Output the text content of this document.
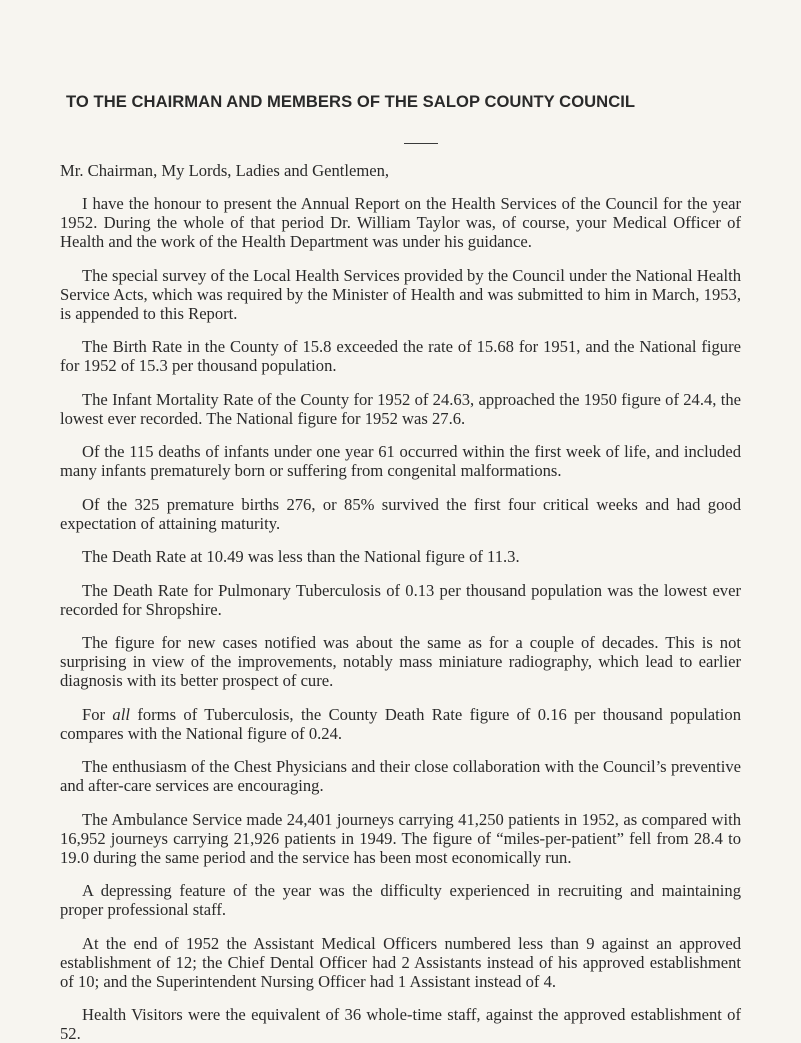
TO THE CHAIRMAN AND MEMBERS OF THE SALOP COUNTY COUNCIL

Mr. Chairman, My Lords, Ladies and Gentlemen,

I have the honour to present the Annual Report on the Health Services of the Council for the year 1952. During the whole of that period Dr. William Taylor was, of course, your Medical Officer of Health and the work of the Health Department was under his guidance.

The special survey of the Local Health Services provided by the Council under the National Health Service Acts, which was required by the Minister of Health and was submitted to him in March, 1953, is appended to this Report.

The Birth Rate in the County of 15.8 exceeded the rate of 15.68 for 1951, and the National figure for 1952 of 15.3 per thousand population.

The Infant Mortality Rate of the County for 1952 of 24.63, approached the 1950 figure of 24.4, the lowest ever recorded. The National figure for 1952 was 27.6.

Of the 115 deaths of infants under one year 61 occurred within the first week of life, and included many infants prematurely born or suffering from congenital malformations.

Of the 325 premature births 276, or 85% survived the first four critical weeks and had good expectation of attaining maturity.

The Death Rate at 10.49 was less than the National figure of 11.3.

The Death Rate for Pulmonary Tuberculosis of 0.13 per thousand population was the lowest ever recorded for Shropshire.

The figure for new cases notified was about the same as for a couple of decades. This is not surprising in view of the improvements, notably mass miniature radiography, which lead to earlier diagnosis with its better prospect of cure.

For all forms of Tuberculosis, the County Death Rate figure of 0.16 per thousand population compares with the National figure of 0.24.

The enthusiasm of the Chest Physicians and their close collaboration with the Council’s preventive and after-care services are encouraging.

The Ambulance Service made 24,401 journeys carrying 41,250 patients in 1952, as compared with 16,952 journeys carrying 21,926 patients in 1949. The figure of “miles-per-patient” fell from 28.4 to 19.0 during the same period and the service has been most economically run.

A depressing feature of the year was the difficulty experienced in recruiting and maintaining proper professional staff.

At the end of 1952 the Assistant Medical Officers numbered less than 9 against an approved establishment of 12; the Chief Dental Officer had 2 Assistants instead of his approved establishment of 10; and the Superintendent Nursing Officer had 1 Assistant instead of 4.

Health Visitors were the equivalent of 36 whole-time staff, against the approved establishment of 52.
